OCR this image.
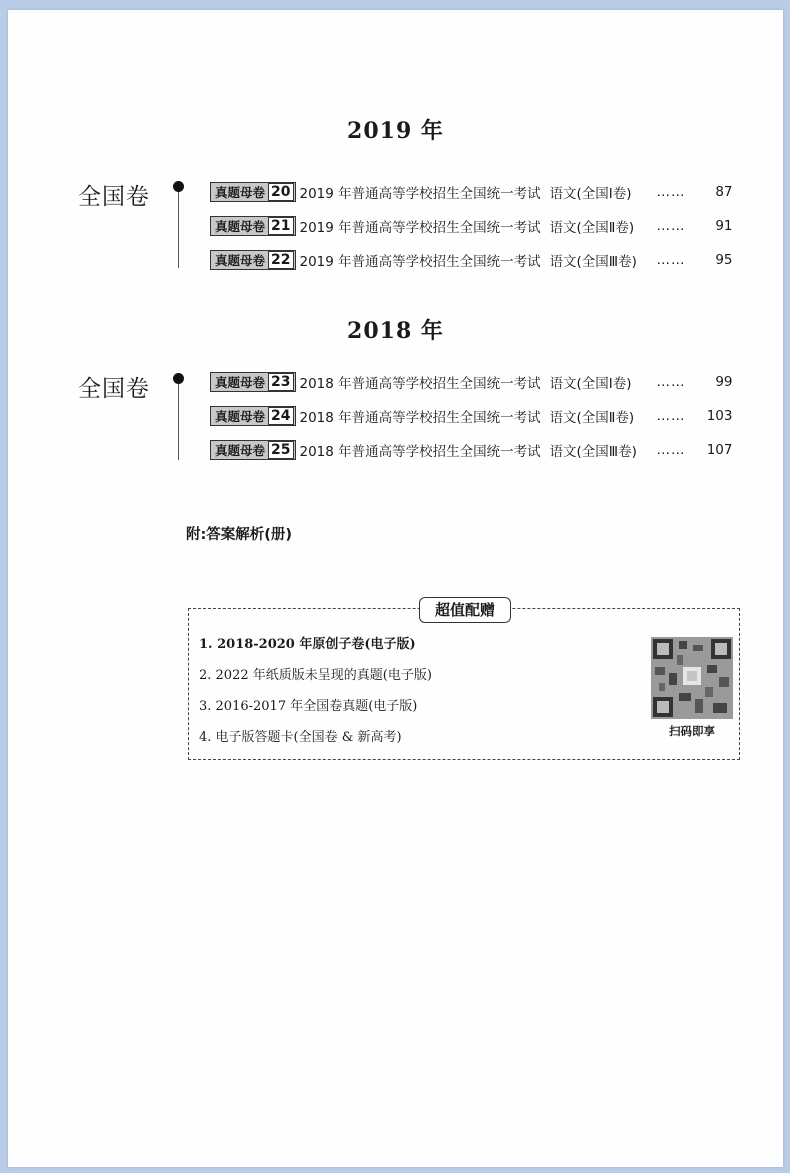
2019 年
全国卷	真题母卷 20 2019 年普通高等学校招生全国统一考试 语文(全国Ⅰ卷)	……	87
真题母卷 21 2019 年普通高等学校招生全国统一考试 语文(全国Ⅱ卷)	……	91
真题母卷 22 2019 年普通高等学校招生全国统一考试 语文(全国Ⅲ卷)	……	95
2018 年
全国卷	真题母卷 23 2018 年普通高等学校招生全国统一考试 语文(全国Ⅰ卷)	……	99
真题母卷 24 2018 年普通高等学校招生全国统一考试 语文(全国Ⅱ卷)	……	103
真题母卷 25 2018 年普通高等学校招生全国统一考试 语文(全国Ⅲ卷)	……	107
附:答案解析(册)
超值配赠
1. 2018-2020 年原创子卷(电子版)
2. 2022 年纸质版未呈现的真题(电子版)
3. 2016-2017 年全国卷真题(电子版)
4. 电子版答题卡(全国卷 & 新高考)	扫码即享
